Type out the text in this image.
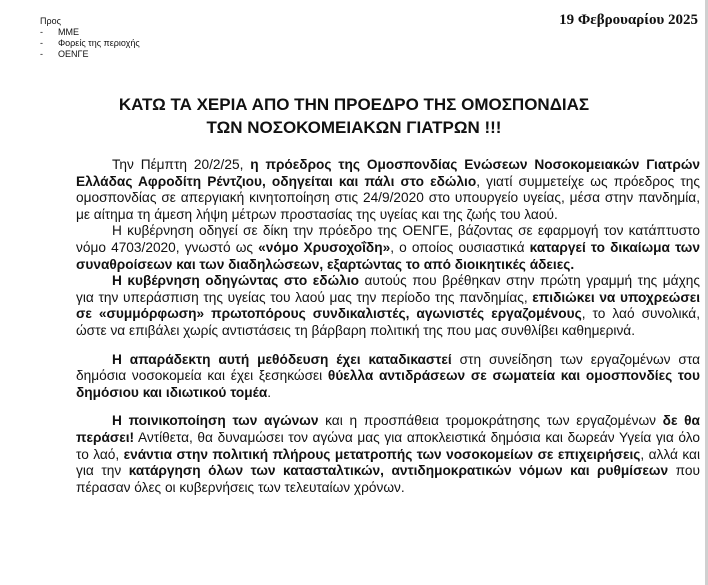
Προς
-	ΜΜΕ
-	Φορείς της περιοχής
-	ΟΕΝΓΕ
19 Φεβρουαρίου 2025
ΚΑΤΩ ΤΑ ΧΕΡΙΑ ΑΠΟ ΤΗΝ ΠΡΟΕΔΡΟ ΤΗΣ ΟΜΟΣΠΟΝΔΙΑΣ
ΤΩΝ ΝΟΣΟΚΟΜΕΙΑΚΩΝ ΓΙΑΤΡΩΝ !!!

Την Πέμπτη 20/2/25, η πρόεδρος της Ομοσπονδίας Ενώσεων Νοσοκομειακών Γιατρών Ελλάδας Αφροδίτη Ρέντζιου, οδηγείται και πάλι στο εδώλιο, γιατί συμμετείχε ως πρόεδρος της ομοσπονδίας σε απεργιακή κινητοποίηση στις 24/9/2020 στο υπουργείο υγείας, μέσα στην πανδημία, με αίτημα τη άμεση λήψη μέτρων προστασίας της υγείας και της ζωής του λαού.

Η κυβέρνηση οδηγεί σε δίκη την πρόεδρο της ΟΕΝΓΕ, βάζοντας σε εφαρμογή τον κατάπτυστο νόμο 4703/2020, γνωστό ως «νόμο Χρυσοχοΐδη», ο οποίος ουσιαστικά καταργεί το δικαίωμα των συναθροίσεων και των διαδηλώσεων, εξαρτώντας το από διοικητικές άδειες.

Η κυβέρνηση οδηγώντας στο εδώλιο αυτούς που βρέθηκαν στην πρώτη γραμμή της μάχης για την υπεράσπιση της υγείας του λαού μας την περίοδο της πανδημίας, επιδιώκει να υποχρεώσει σε «συμμόρφωση» πρωτοπόρους συνδικαλιστές, αγωνιστές εργαζομένους, το λαό συνολικά, ώστε να επιβάλει χωρίς αντιστάσεις τη βάρβαρη πολιτική της που μας συνθλίβει καθημερινά.

Η απαράδεκτη αυτή μεθόδευση έχει καταδικαστεί στη συνείδηση των εργαζομένων στα δημόσια νοσοκομεία και έχει ξεσηκώσει θύελλα αντιδράσεων σε σωματεία και ομοσπονδίες του δημόσιου και ιδιωτικού τομέα.

Η ποινικοποίηση των αγώνων και η προσπάθεια τρομοκράτησης των εργαζομένων δε θα περάσει! Αντίθετα, θα δυναμώσει τον αγώνα μας για αποκλειστικά δημόσια και δωρεάν Υγεία για όλο το λαό, ενάντια στην πολιτική πλήρους μετατροπής των νοσοκομείων σε επιχειρήσεις, αλλά και για την κατάργηση όλων των κατασταλτικών, αντιδημοκρατικών νόμων και ρυθμίσεων που πέρασαν όλες οι κυβερνήσεις των τελευταίων χρόνων.
